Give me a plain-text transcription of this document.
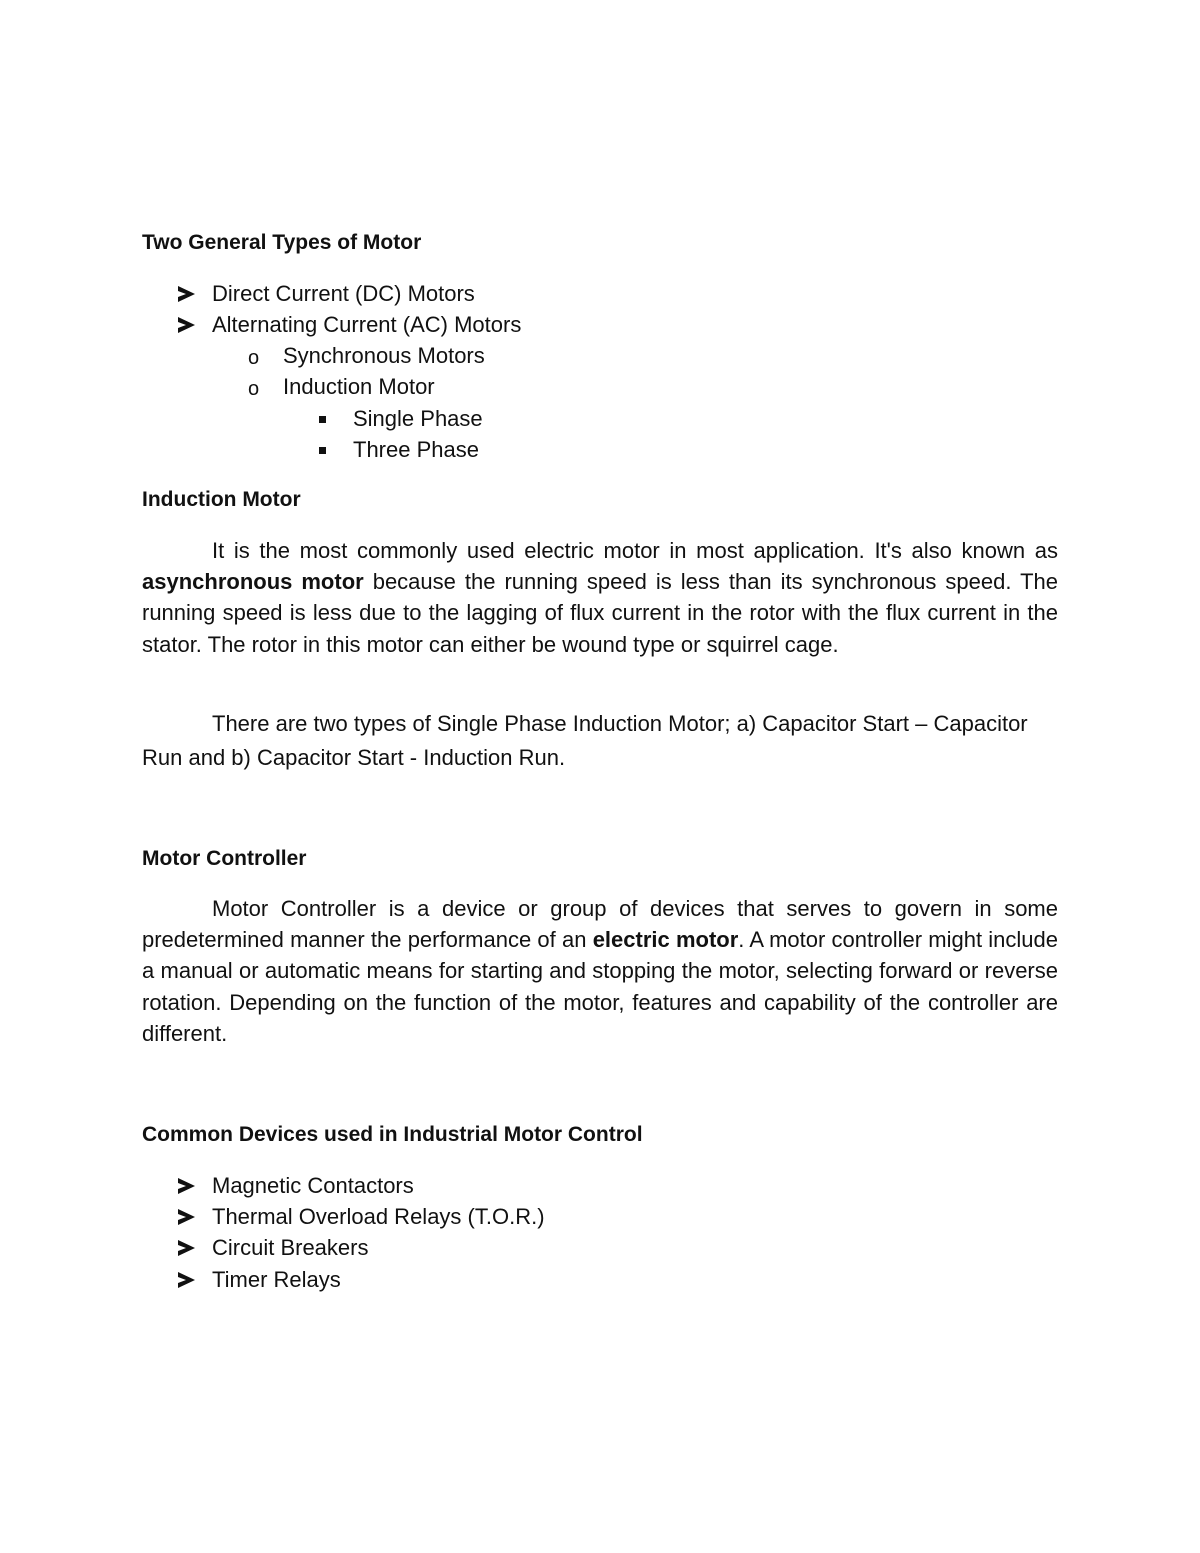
Two General Types of Motor
Direct Current (DC) Motors
Alternating Current (AC) Motors
o Synchronous Motors
o Induction Motor
Single Phase
Three Phase
Induction Motor
It is the most commonly used electric motor in most application. It's also known as asynchronous motor because the running speed is less than its synchronous speed. The running speed is less due to the lagging of flux current in the rotor with the flux current in the stator. The rotor in this motor can either be wound type or squirrel cage.
There are two types of Single Phase Induction Motor; a) Capacitor Start – Capacitor Run and b) Capacitor Start - Induction Run.
Motor Controller
Motor Controller is a device or group of devices that serves to govern in some predetermined manner the performance of an electric motor. A motor controller might include a manual or automatic means for starting and stopping the motor, selecting forward or reverse rotation. Depending on the function of the motor, features and capability of the controller are different.
Common Devices used in Industrial Motor Control
Magnetic Contactors
Thermal Overload Relays (T.O.R.)
Circuit Breakers
Timer Relays
